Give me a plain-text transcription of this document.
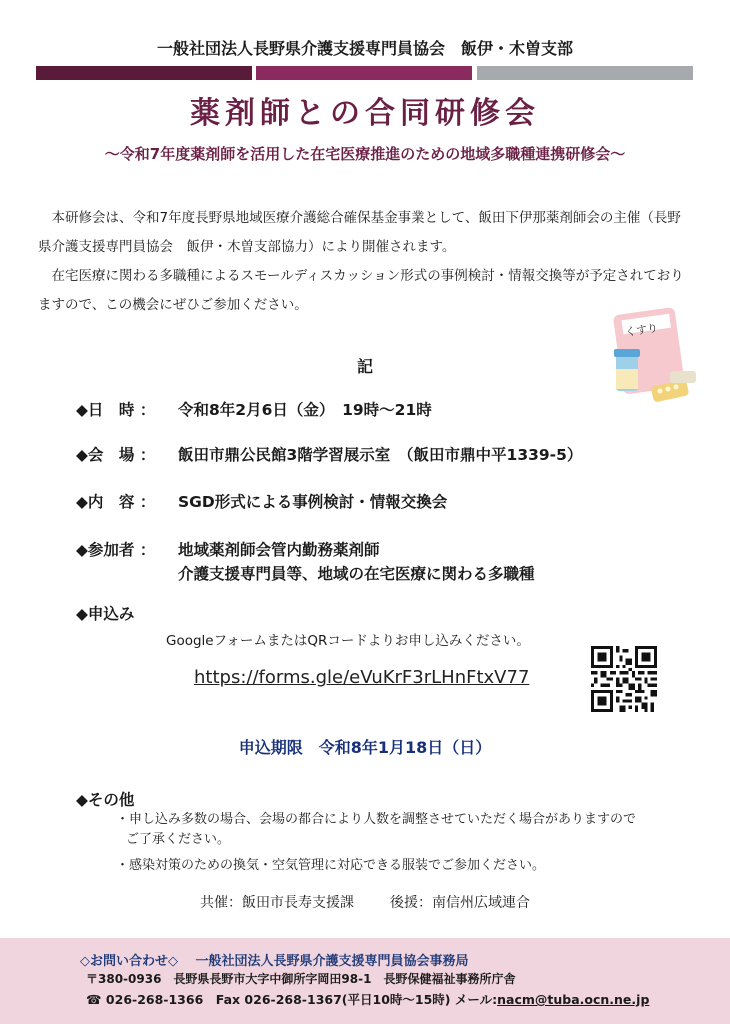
一般社団法人長野県介護支援専門員協会　飯伊・木曽支部
薬剤師との合同研修会
～令和7年度薬剤師を活用した在宅医療推進のための地域多職種連携研修会～

本研修会は、令和7年度長野県地域医療介護総合確保基金事業として、飯田下伊那薬剤師会の主催（長野県介護支援専門員協会　飯伊・木曽支部協力）により開催されます。

在宅医療に関わる多職種によるスモールディスカッション形式の事例検討・情報交換等が予定されておりますので、この機会にぜひご参加ください。

くすり
記
◆日　時 ： 令和8年2月6日（金）　19時～21時
◆会　場 ： 飯田市鼎公民館3階学習展示室　（飯田市鼎中平1339-5）
◆内　容 ： SGD形式による事例検討・情報交換会
◆参加者 ： 地域薬剤師会管内勤務薬剤師
介護支援専門員等、地域の在宅医療に関わる多職種
◆申込み
GoogleフォームまたはQRコードよりお申し込みください。
https://forms.gle/eVuKrF3rLHnFtxV77
申込期限　令和8年1月18日（日）
◆その他
・申し込み多数の場合、会場の都合により人数を調整させていただく場合がありますので
ご了承ください。
・感染対策のための換気・空気管理に対応できる服装でご参加ください。
共催：飯田市長寿支援課	後援：南信州広域連合
◇お問い合わせ◇　 一般社団法人長野県介護支援専門員協会事務局
〒380-0936　長野県長野市大字中御所字岡田98-1　長野保健福祉事務所庁舎
☎ 026-268-1366　Fax 026-268-1367(平日10時～15時) メール:nacm@tuba.ocn.ne.jp
